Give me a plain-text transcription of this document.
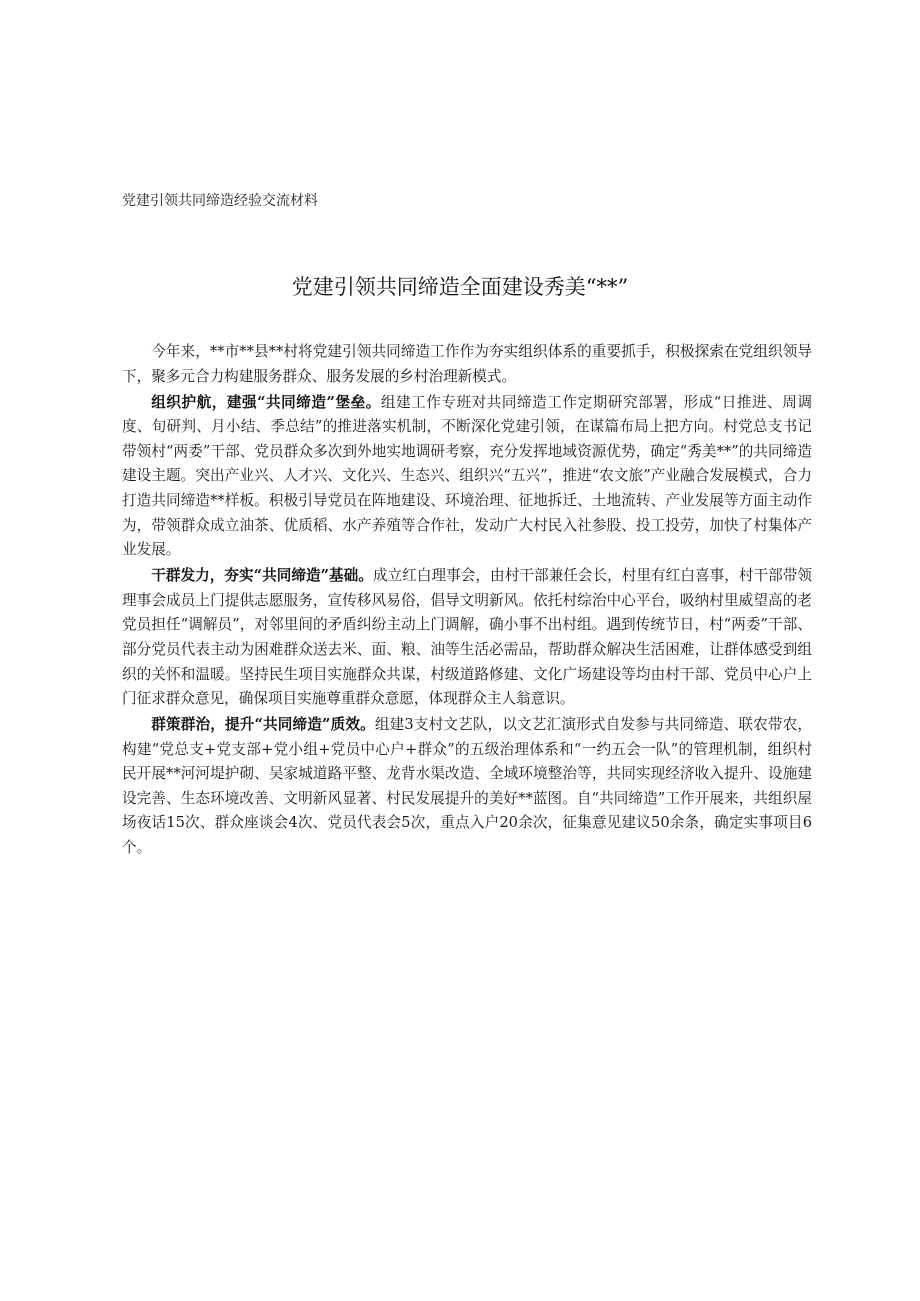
党建引领共同缔造经验交流材料
党建引领共同缔造全面建设秀美“**”

今年来，**市**县**村将党建引领共同缔造工作作为夯实组织体系的重要抓手，积极探索在党组织领导下，聚多元合力构建服务群众、服务发展的乡村治理新模式。

组织护航，建强“共同缔造”堡垒。组建工作专班对共同缔造工作定期研究部署，形成“日推进、周调度、旬研判、月小结、季总结”的推进落实机制，不断深化党建引领，在谋篇布局上把方向。村党总支书记带领村“两委”干部、党员群众多次到外地实地调研考察，充分发挥地域资源优势，确定“秀美**”的共同缔造建设主题。突出产业兴、人才兴、文化兴、生态兴、组织兴“五兴”，推进“农文旅”产业融合发展模式，合力打造共同缔造**样板。积极引导党员在阵地建设、环境治理、征地拆迁、土地流转、产业发展等方面主动作为，带领群众成立油茶、优质稻、水产养殖等合作社，发动广大村民入社参股、投工投劳，加快了村集体产业发展。

干群发力，夯实“共同缔造”基础。成立红白理事会，由村干部兼任会长，村里有红白喜事，村干部带领理事会成员上门提供志愿服务，宣传移风易俗，倡导文明新风。依托村综治中心平台，吸纳村里威望高的老党员担任“调解员”，对邻里间的矛盾纠纷主动上门调解，确小事不出村组。遇到传统节日，村“两委”干部、部分党员代表主动为困难群众送去米、面、粮、油等生活必需品，帮助群众解决生活困难，让群体感受到组织的关怀和温暖。坚持民生项目实施群众共谋，村级道路修建、文化广场建设等均由村干部、党员中心户上门征求群众意见，确保项目实施尊重群众意愿，体现群众主人翁意识。

群策群治，提升“共同缔造”质效。组建3支村文艺队，以文艺汇演形式自发参与共同缔造、联农带农，构建“党总支+党支部+党小组+党员中心户+群众”的五级治理体系和“一约五会一队”的管理机制，组织村民开展**河河堤护砌、吴家城道路平整、龙背水渠改造、全域环境整治等，共同实现经济收入提升、设施建设完善、生态环境改善、文明新风显著、村民发展提升的美好**蓝图。自“共同缔造”工作开展来，共组织屋场夜话15次、群众座谈会4次、党员代表会5次，重点入户20余次，征集意见建议50余条，确定实事项目6个。
